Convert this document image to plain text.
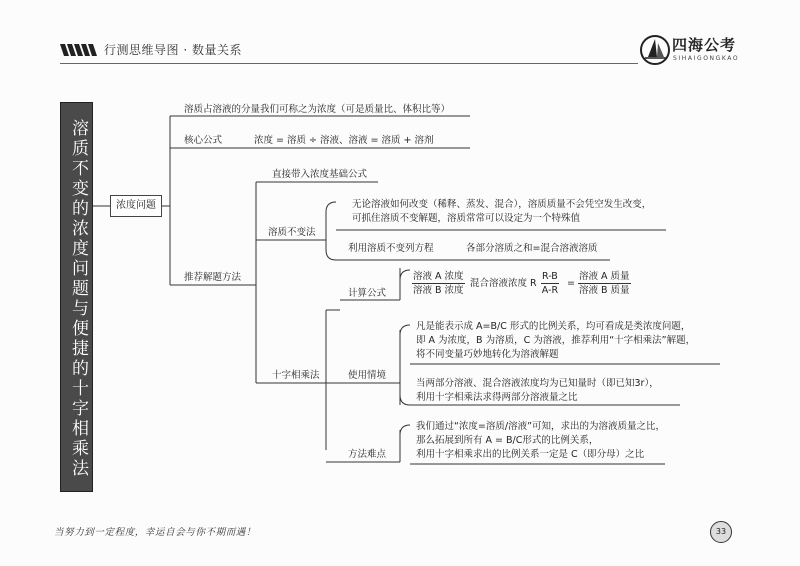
行测思维导图 · 数量关系	四海公考
SIHAIGONGKAO
溶质不变的浓度问题与便捷的十字相乘法	浓度问题
溶质占溶液的分量我们可称之为浓度（可是质量比、体积比等）
核心公式	浓度 = 溶质 ÷ 溶液、溶液 = 溶质 + 溶剂
推荐解题方法
直接带入浓度基础公式
溶质不变法
无论溶液如何改变（稀释、蒸发、混合），溶质质量不会凭空发生改变，
可抓住溶质不变解题，溶质常常可以设定为一个特殊值
利用溶质不变列方程	各部分溶质之和=混合溶液溶质
十字相乘法
计算公式
溶液 A 浓度
溶液 B 浓度
混合溶液浓度 R $\frac{R-B}{A-R}$ =
溶液 A 质量
溶液 B 质量
使用情境
凡是能表示成 A=B/C 形式的比例关系，均可看成是类浓度问题，
即 A 为浓度，B 为溶质，C 为溶液，推荐利用“十字相乘法”解题，
将不同变量巧妙地转化为溶液解题
当两部分溶液、混合溶液浓度均为已知量时（即已知3r），
利用十字相乘法求得两部分溶液量之比
方法难点
我们通过“浓度=溶质/溶液”可知，求出的为溶液质量之比，
那么拓展到所有 A = B/C形式的比例关系，
利用十字相乘求出的比例关系一定是 C（即分母）之比
当努力到一定程度，幸运自会与你不期而遇！	33
